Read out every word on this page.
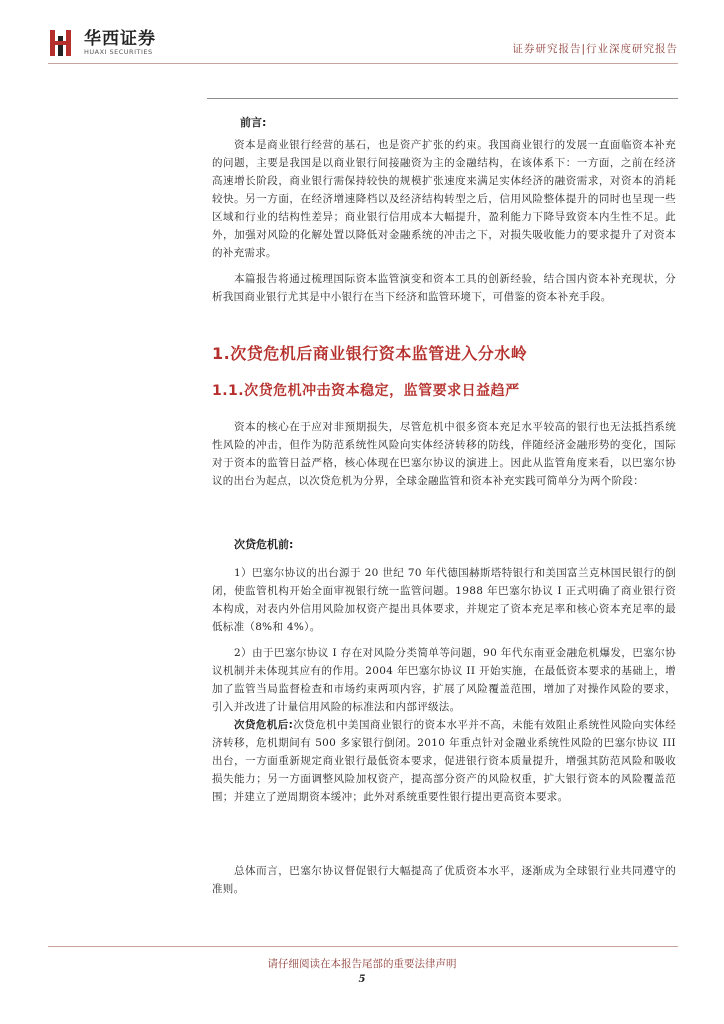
华西证券
HUAXI SECURITIES	证券研究报告|行业深度研究报告
前言:

资本是商业银行经营的基石，也是资产扩张的约束。我国商业银行的发展一直面临资本补充的问题，主要是我国是以商业银行间接融资为主的金融结构，在该体系下：一方面，之前在经济高速增长阶段，商业银行需保持较快的规模扩张速度来满足实体经济的融资需求，对资本的消耗较快。另一方面，在经济增速降档以及经济结构转型之后，信用风险整体提升的同时也呈现一些区域和行业的结构性差异；商业银行信用成本大幅提升，盈利能力下降导致资本内生性不足。此外，加强对风险的化解处置以降低对金融系统的冲击之下，对损失吸收能力的要求提升了对资本的补充需求。

本篇报告将通过梳理国际资本监管演变和资本工具的创新经验，结合国内资本补充现状，分析我国商业银行尤其是中小银行在当下经济和监管环境下，可借鉴的资本补充手段。

1.次贷危机后商业银行资本监管进入分水岭
1.1.次贷危机冲击资本稳定，监管要求日益趋严

资本的核心在于应对非预期损失，尽管危机中很多资本充足水平较高的银行也无法抵挡系统性风险的冲击，但作为防范系统性风险向实体经济转移的防线，伴随经济金融形势的变化，国际对于资本的监管日益严格，核心体现在巴塞尔协议的演进上。因此从监管角度来看，以巴塞尔协议的出台为起点，以次贷危机为分界，全球金融监管和资本补充实践可简单分为两个阶段：

次贷危机前:

1）巴塞尔协议的出台源于 20 世纪 70 年代德国赫斯塔特银行和美国富兰克林国民银行的倒闭，使监管机构开始全面审视银行统一监管问题。1988 年巴塞尔协议 I 正式明确了商业银行资本构成，对表内外信用风险加权资产提出具体要求，并规定了资本充足率和核心资本充足率的最低标准（8%和 4%）。

2）由于巴塞尔协议 I 存在对风险分类简单等问题，90 年代东南亚金融危机爆发，巴塞尔协议机制并未体现其应有的作用。2004 年巴塞尔协议 II 开始实施，在最低资本要求的基础上，增加了监管当局监督检查和市场约束两项内容，扩展了风险覆盖范围，增加了对操作风险的要求，引入并改进了计量信用风险的标准法和内部评级法。

次贷危机后:次贷危机中美国商业银行的资本水平并不高，未能有效阻止系统性风险向实体经济转移，危机期间有 500 多家银行倒闭。2010 年重点针对金融业系统性风险的巴塞尔协议 III 出台，一方面重新规定商业银行最低资本要求，促进银行资本质量提升，增强其防范风险和吸收损失能力；另一方面调整风险加权资产，提高部分资产的风险权重，扩大银行资本的风险覆盖范围；并建立了逆周期资本缓冲；此外对系统重要性银行提出更高资本要求。

总体而言，巴塞尔协议督促银行大幅提高了优质资本水平，逐渐成为全球银行业共同遵守的准则。

请仔细阅读在本报告尾部的重要法律声明
5
